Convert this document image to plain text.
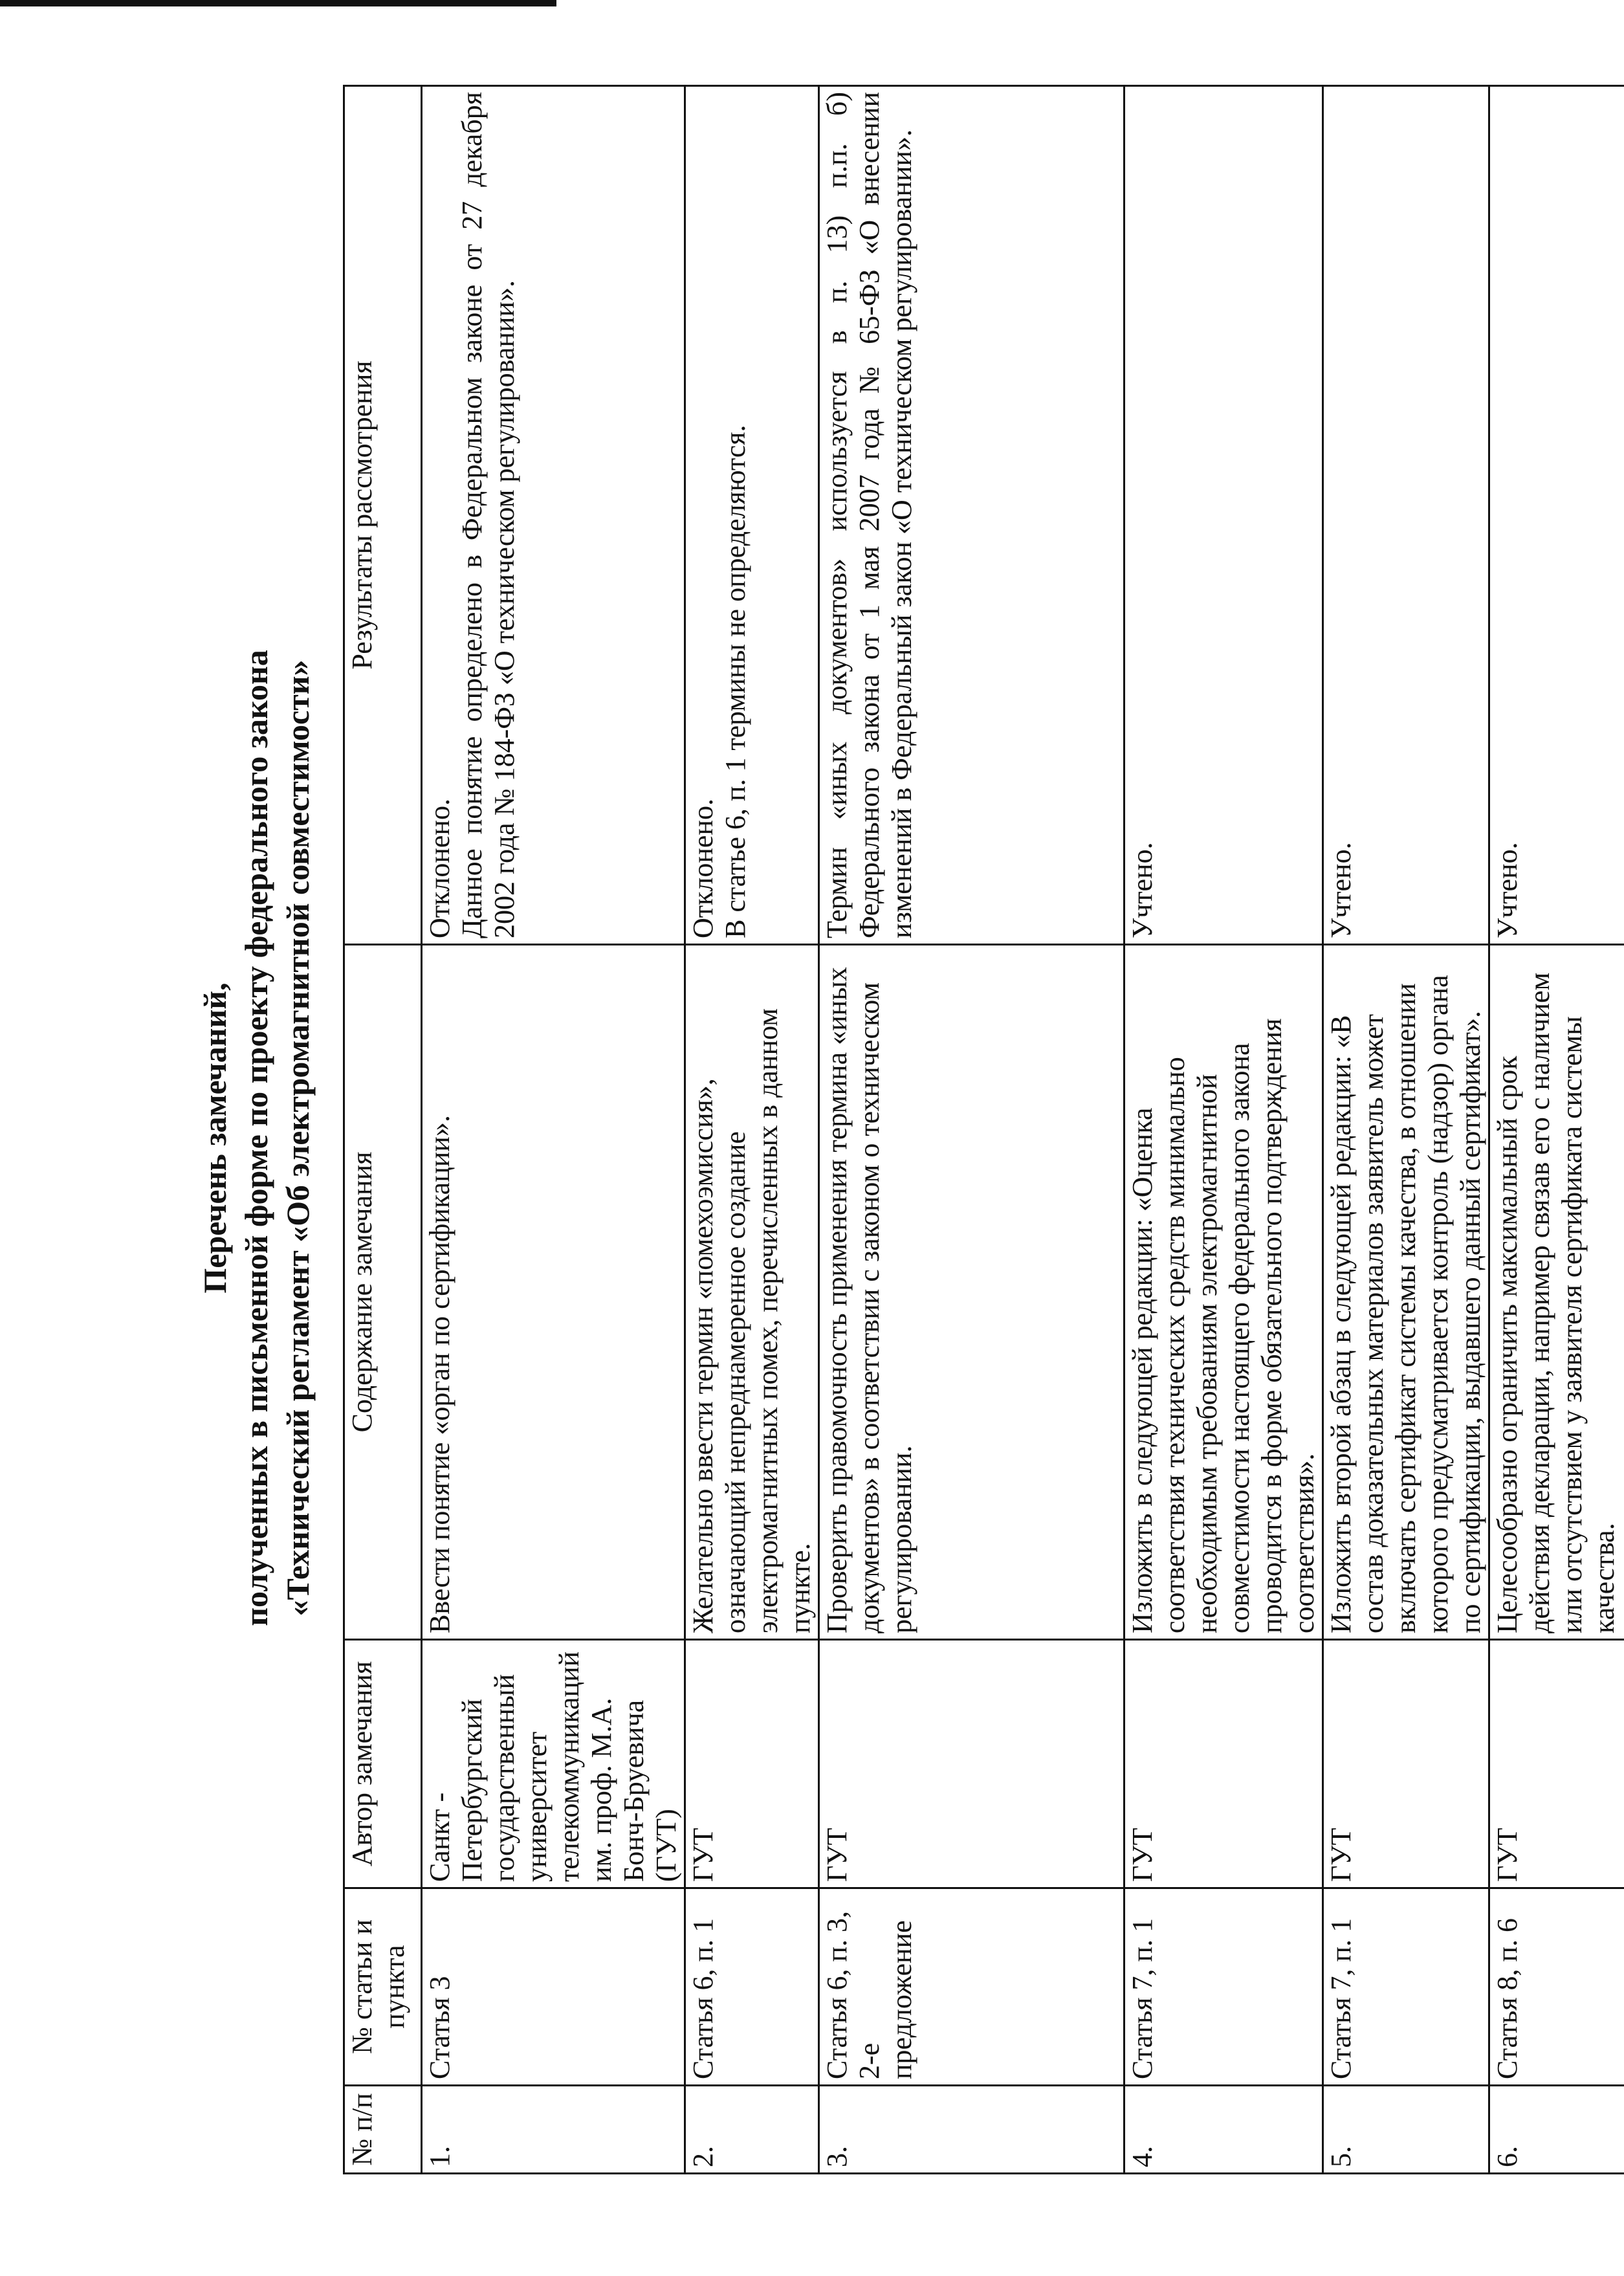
Перечень замечаний, полученных в письменной форме по проекту федерального закона «Технический регламент «Об электромагнитной совместимости»
№ п/п	№ статьи и пункта	Автор замечания	Содержание замечания	Результаты рассмотрения
1.	Статья 3	Санкт - Петербургский государственный университет телекоммуникаций им. проф. М.А. Бонч-Бруевича (ГУТ)	Ввести понятие «орган по сертификации».	Отклонено. Данное понятие определено в Федеральном законе от 27 декабря 2002 года № 184-ФЗ «О техническом регулировании».

2.	Статья 6, п. 1	ГУТ	Желательно ввести термин «помехоэмиссия», означающий непреднамеренное создание электромагнитных помех, перечисленных в данном пункте.	Отклонено. В статье 6, п. 1 термины не определяются.

3.	Статья 6, п. 3, 2-е предложение	ГУТ	Проверить правомочность применения термина «иных документов» в соответствии с законом о техническом регулировании.	Термин «иных документов» используется в п. 13) п.п. б) Федерального закона от 1 мая 2007 года № 65-ФЗ «О внесении изменений в Федеральный закон «О техническом регулировании».

4.	Статья 7, п. 1	ГУТ	Изложить в следующей редакции: «Оценка соответствия технических средств минимально необходимым требованиям электромагнитной совместимости настоящего федерального закона проводится в форме обязательного подтверждения соответствия».	Учтено.

5.	Статья 7, п. 1	ГУТ	Изложить второй абзац в следующей редакции: «В состав доказательных материалов заявитель может включать сертификат системы качества, в отношении которого предусматривается контроль (надзор) органа по сертификации, выдавшего данный сертификат».	Учтено.

6.	Статья 8, п. 6	ГУТ	Целесообразно ограничить максимальный срок действия декларации, например связав его с наличием или отсутствием у заявителя сертификата системы качества.	Учтено.
